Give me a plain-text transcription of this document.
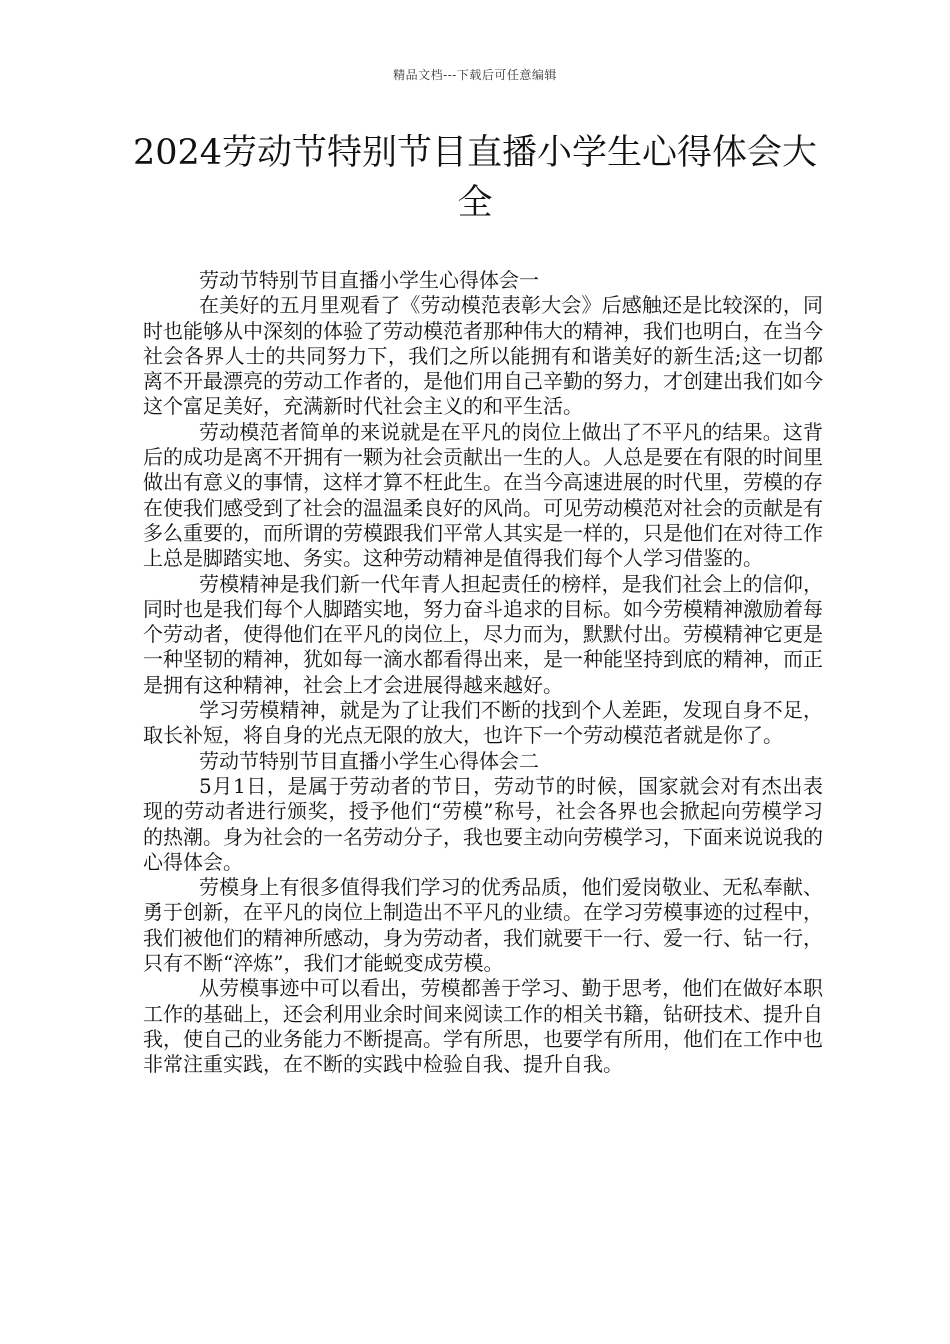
精品文档---下载后可任意编辑
2024劳动节特别节目直播小学生心得体会大全

劳动节特别节目直播小学生心得体会一

在美好的五月里观看了《劳动模范表彰大会》后感触还是比较深的，同时也能够从中深刻的体验了劳动模范者那种伟大的精神，我们也明白，在当今社会各界人士的共同努力下，我们之所以能拥有和谐美好的新生活;这一切都离不开最漂亮的劳动工作者的，是他们用自己辛勤的努力，才创建出我们如今这个富足美好，充满新时代社会主义的和平生活。

劳动模范者简单的来说就是在平凡的岗位上做出了不平凡的结果。这背后的成功是离不开拥有一颗为社会贡献出一生的人。人总是要在有限的时间里做出有意义的事情，这样才算不枉此生。在当今高速进展的时代里，劳模的存在使我们感受到了社会的温温柔良好的风尚。可见劳动模范对社会的贡献是有多么重要的，而所谓的劳模跟我们平常人其实是一样的，只是他们在对待工作上总是脚踏实地、务实。这种劳动精神是值得我们每个人学习借鉴的。

劳模精神是我们新一代年青人担起责任的榜样，是我们社会上的信仰，同时也是我们每个人脚踏实地，努力奋斗追求的目标。如今劳模精神激励着每个劳动者，使得他们在平凡的岗位上，尽力而为，默默付出。劳模精神它更是一种坚韧的精神，犹如每一滴水都看得出来，是一种能坚持到底的精神，而正是拥有这种精神，社会上才会进展得越来越好。

学习劳模精神，就是为了让我们不断的找到个人差距，发现自身不足，取长补短，将自身的光点无限的放大，也许下一个劳动模范者就是你了。

劳动节特别节目直播小学生心得体会二

5月1日，是属于劳动者的节日，劳动节的时候，国家就会对有杰出表现的劳动者进行颁奖，授予他们“劳模”称号，社会各界也会掀起向劳模学习的热潮。身为社会的一名劳动分子，我也要主动向劳模学习，下面来说说我的心得体会。

劳模身上有很多值得我们学习的优秀品质，他们爱岗敬业、无私奉献、勇于创新，在平凡的岗位上制造出不平凡的业绩。在学习劳模事迹的过程中，我们被他们的精神所感动，身为劳动者，我们就要干一行、爱一行、钻一行，只有不断“淬炼”，我们才能蜕变成劳模。

从劳模事迹中可以看出，劳模都善于学习、勤于思考，他们在做好本职工作的基础上，还会利用业余时间来阅读工作的相关书籍，钻研技术、提升自我，使自己的业务能力不断提高。学有所思，也要学有所用，他们在工作中也非常注重实践，在不断的实践中检验自我、提升自我。
